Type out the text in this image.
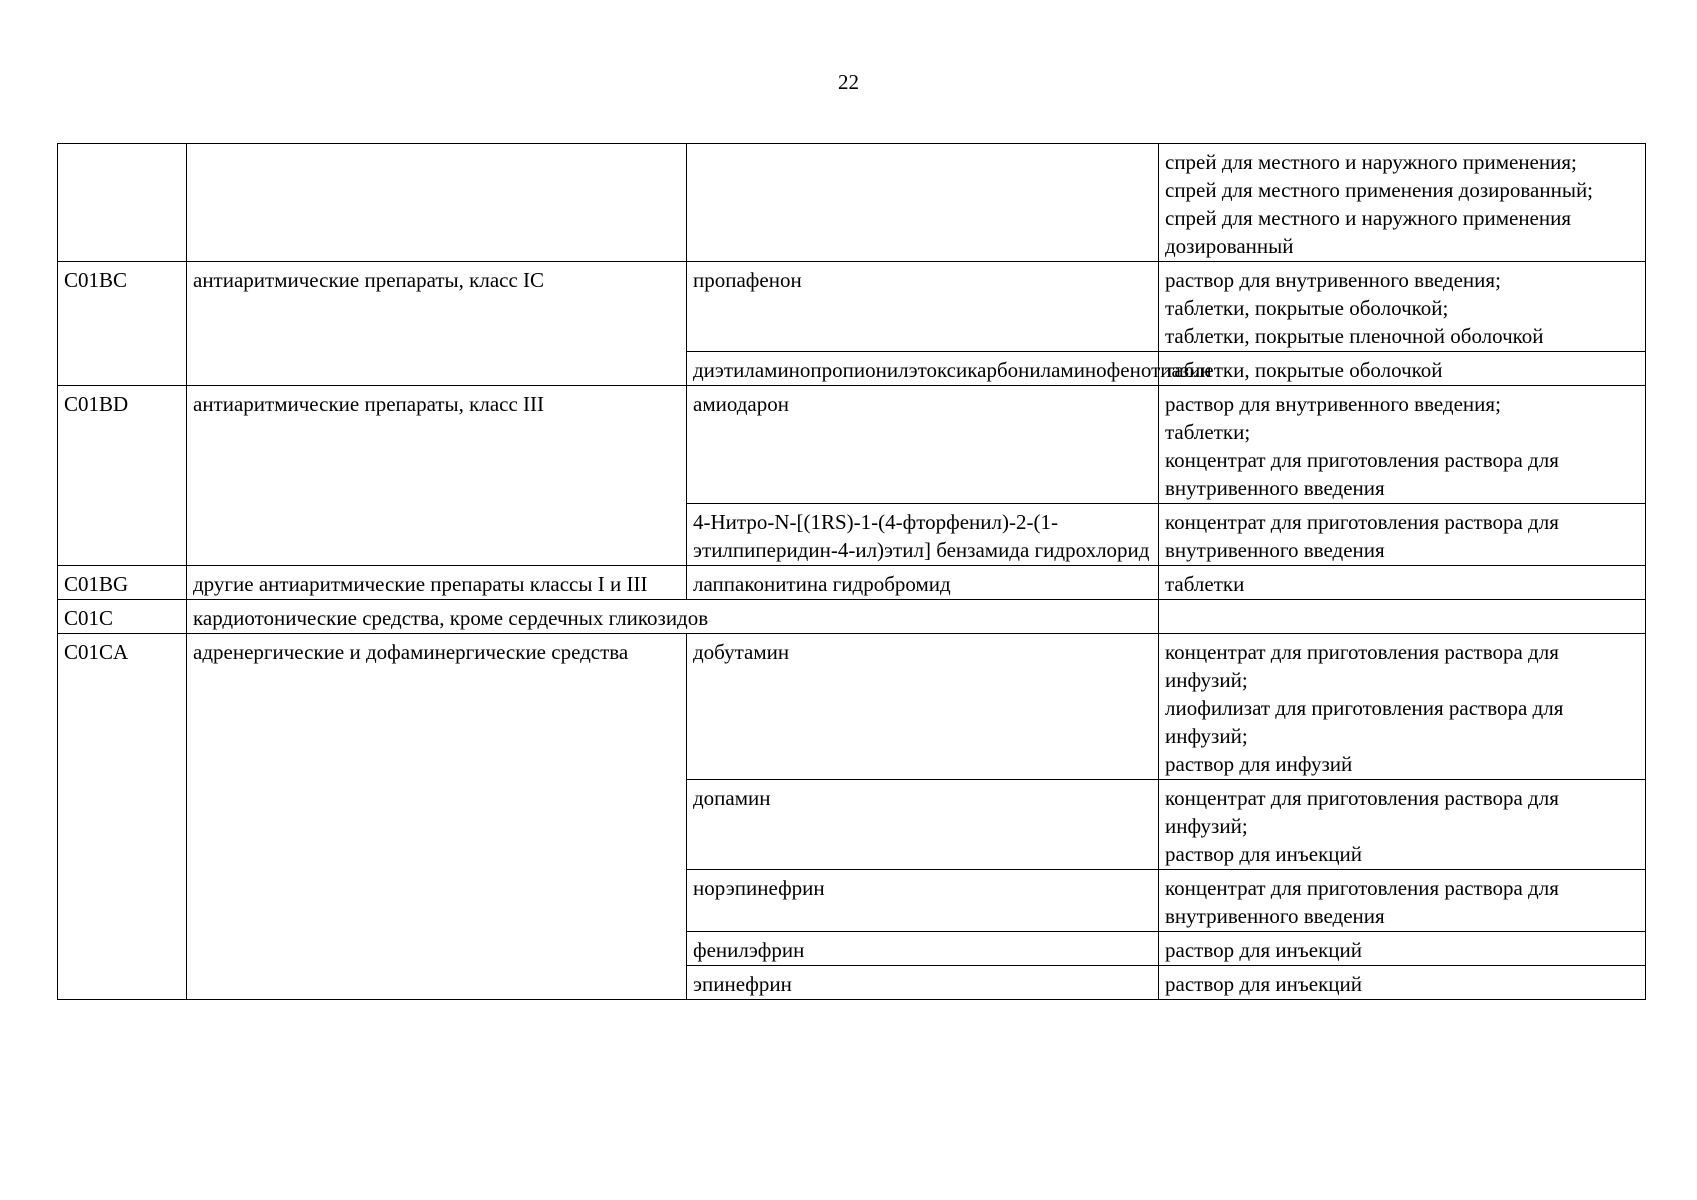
22

			спрей для местного и наружного применения;
спрей для местного применения дозированный;
спрей для местного и наружного применения дозированный

C01BC	антиаритмические препараты, класс IC	пропафенон	раствор для внутривенного введения;
таблетки, покрытые оболочкой;
таблетки, покрытые пленочной оболочкой

		диэтиламинопропионилэтоксикарбониламинофенотиазин	таблетки, покрытые оболочкой

C01BD	антиаритмические препараты, класс III	амиодарон	раствор для внутривенного введения;
таблетки;
концентрат для приготовления раствора для внутривенного введения

		4-Нитро-N-[(1RS)-1-(4-фторфенил)-2-(1-этилпиперидин-4-ил)этил] бензамида гидрохлорид	концентрат для приготовления раствора для внутривенного введения

C01BG	другие антиаритмические препараты классы I и III	лаппаконитина гидробромид	таблетки

C01C	кардиотонические средства, кроме сердечных гликозидов		
C01CA	адренергические и дофаминергические средства	добутамин	концентрат для приготовления раствора для инфузий;
лиофилизат для приготовления раствора для инфузий;
раствор для инфузий

		допамин	концентрат для приготовления раствора для инфузий;
раствор для инъекций

		норэпинефрин	концентрат для приготовления раствора для внутривенного введения

		фенилэфрин	раствор для инъекций

		эпинефрин	раствор для инъекций
